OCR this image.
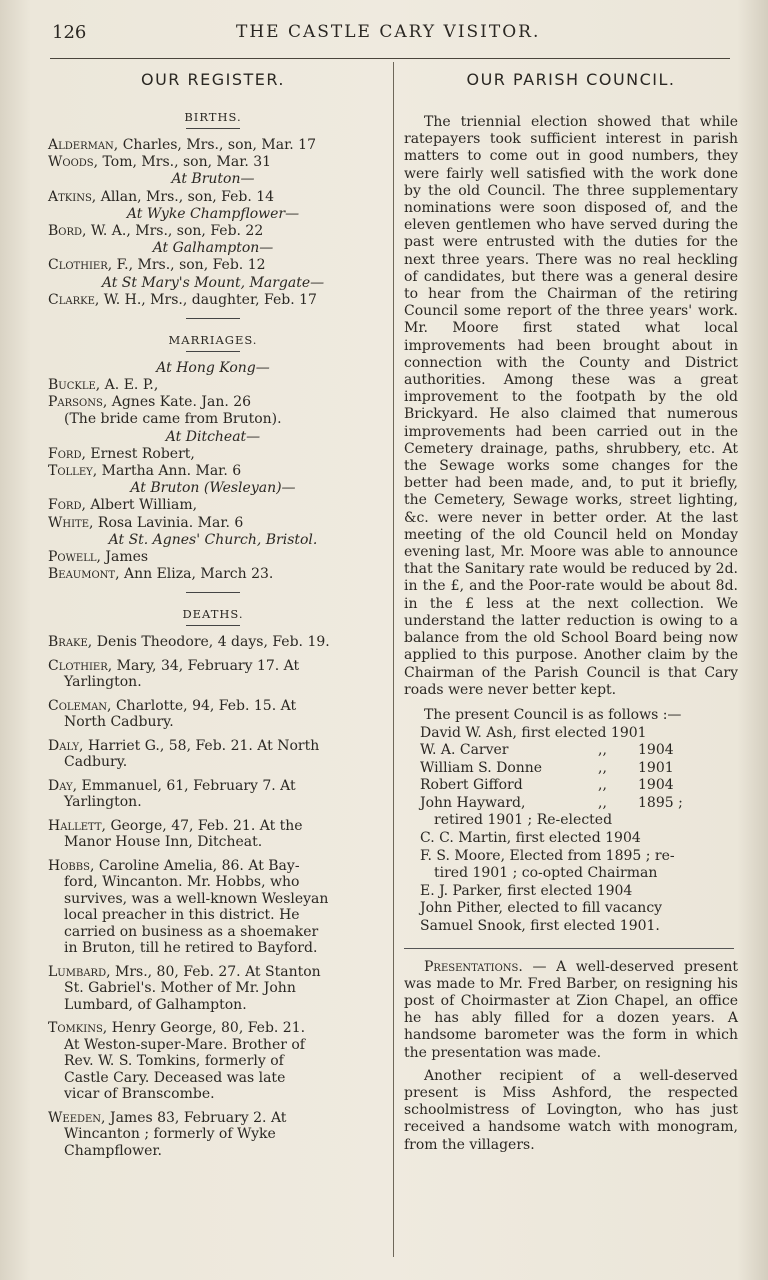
126	THE CASTLE CARY VISITOR.
OUR REGISTER.
BIRTHS.
Alderman, Charles, Mrs., son, Mar. 17
Woods, Tom, Mrs., son, Mar. 31
At Bruton—
Atkins, Allan, Mrs., son, Feb. 14
At Wyke Champflower—
Bord, W. A., Mrs., son, Feb. 22
At Galhampton—
Clothier, F., Mrs., son, Feb. 12
At St Mary's Mount, Margate—
Clarke, W. H., Mrs., daughter, Feb. 17
MARRIAGES.
At Hong Kong—
Buckle, A. E. P.,
Parsons, Agnes Kate. Jan. 26
(The bride came from Bruton).
At Ditcheat—
Ford, Ernest Robert,
Tolley, Martha Ann. Mar. 6
At Bruton (Wesleyan)—
Ford, Albert William,
White, Rosa Lavinia. Mar. 6
At St. Agnes' Church, Bristol.
Powell, James
Beaumont, Ann Eliza, March 23.
DEATHS.
Brake, Denis Theodore, 4 days, Feb. 19.
Clothier, Mary, 34, February 17. At
Yarlington.
Coleman, Charlotte, 94, Feb. 15. At
North Cadbury.
Daly, Harriet G., 58, Feb. 21. At North
Cadbury.
Day, Emmanuel, 61, February 7. At
Yarlington.
Hallett, George, 47, Feb. 21. At the
Manor House Inn, Ditcheat.
Hobbs, Caroline Amelia, 86. At Bay-
ford, Wincanton. Mr. Hobbs, who
survives, was a well-known Wesleyan
local preacher in this district. He
carried on business as a shoemaker
in Bruton, till he retired to Bayford.
Lumbard, Mrs., 80, Feb. 27. At Stanton
St. Gabriel's. Mother of Mr. John
Lumbard, of Galhampton.
Tomkins, Henry George, 80, Feb. 21.
At Weston-super-Mare. Brother of
Rev. W. S. Tomkins, formerly of
Castle Cary. Deceased was late
vicar of Branscombe.
Weeden, James 83, February 2. At
Wincanton ; formerly of Wyke
Champflower.
OUR PARISH COUNCIL.

The triennial election showed that while ratepayers took sufficient interest in parish matters to come out in good numbers, they were fairly well satisfied with the work done by the old Council. The three supplementary nominations were soon disposed of, and the eleven gentlemen who have served during the past were entrusted with the duties for the next three years. There was no real heckling of candidates, but there was a general desire to hear from the Chairman of the retiring Council some report of the three years' work. Mr. Moore first stated what local improvements had been brought about in connection with the County and District authorities. Among these was a great improvement to the footpath by the old Brickyard. He also claimed that numerous improvements had been carried out in the Cemetery drainage, paths, shrubbery, etc. At the Sewage works some changes for the better had been made, and, to put it briefly, the Cemetery, Sewage works, street lighting, &c. were never in better order. At the last meeting of the old Council held on Monday evening last, Mr. Moore was able to announce that the Sanitary rate would be reduced by 2d. in the £, and the Poor-rate would be about 8d. in the £ less at the next collection. We understand the latter reduction is owing to a balance from the old School Board being now applied to this purpose. Another claim by the Chairman of the Parish Council is that Cary roads were never better kept.

The present Council is as follows :—
David W. Ash, first elected 1901
W. A. Carver	,,	1904
William S. Donne	,,	1901
Robert Gifford	,,	1904
John Hayward,	,,	1895 ;
retired 1901 ; Re-elected
C. C. Martin, first elected 1904
F. S. Moore, Elected from 1895 ; re-
tired 1901 ; co-opted Chairman
E. J. Parker, first elected 1904
John Pither, elected to fill vacancy
Samuel Snook, first elected 1901.

Presentations. — A well-deserved present was made to Mr. Fred Barber, on resigning his post of Choirmaster at Zion Chapel, an office he has ably filled for a dozen years. A handsome barometer was the form in which the presentation was made.

Another recipient of a well-deserved present is Miss Ashford, the respected schoolmistress of Lovington, who has just received a handsome watch with monogram, from the villagers.
